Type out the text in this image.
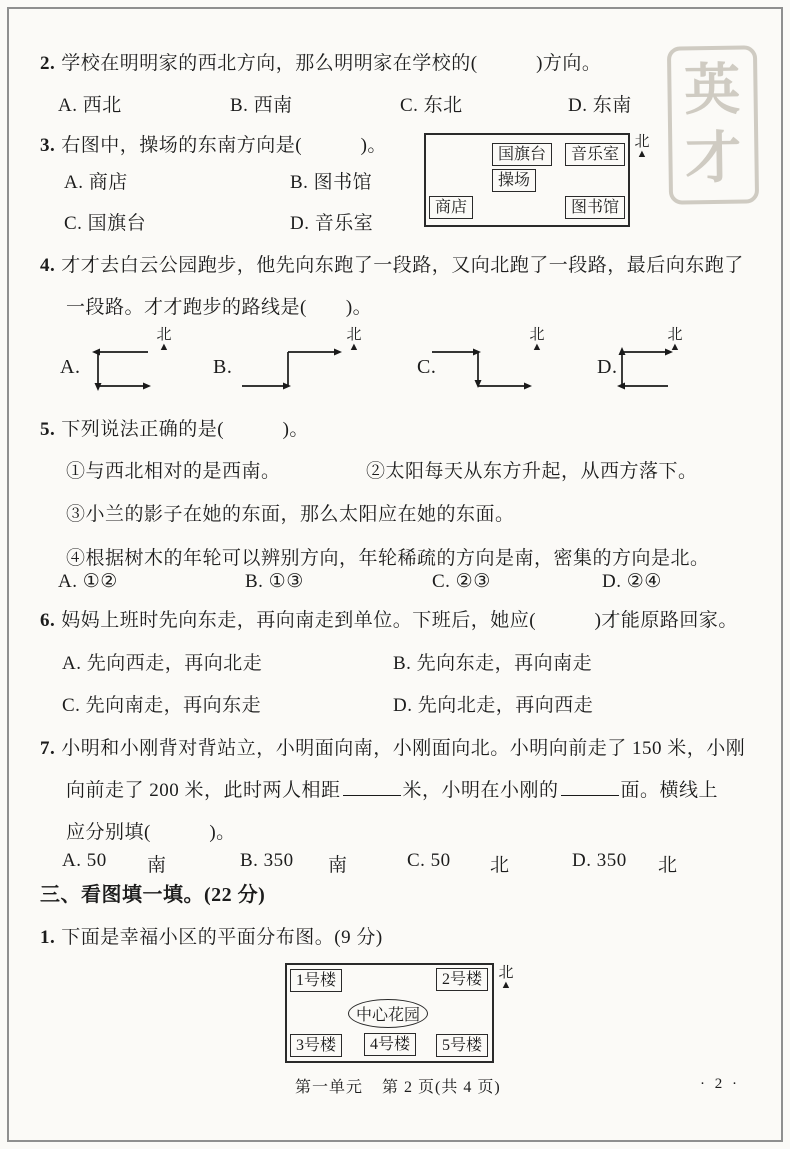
英
才
2. 学校在明明家的西北方向，那么明明家在学校的(　　　)方向。
A. 西北	B. 西南	C. 东北	D. 东南
3. 右图中，操场的东南方向是(　　　)。
A. 商店	B. 图书馆
C. 国旗台	D. 音乐室
国旗台	音乐室
操场
商店	图书馆
北
▲
4. 才才去白云公园跑步，他先向东跑了一段路，又向北跑了一段路，最后向东跑了
一段路。才才跑步的路线是(　　)。
A.
北
▲
B.
北
▲
C.
北
▲
D.
北
▲
5. 下列说法正确的是(　　　)。
①与西北相对的是西南。	②太阳每天从东方升起，从西方落下。
③小兰的影子在她的东面，那么太阳应在她的东面。
④根据树木的年轮可以辨别方向，年轮稀疏的方向是南，密集的方向是北。
A. ①②	B. ①③	C. ②③	D. ②④
6. 妈妈上班时先向东走，再向南走到单位。下班后，她应(　　　)才能原路回家。
A. 先向西走，再向北走	B. 先向东走，再向南走
C. 先向南走，再向东走	D. 先向北走，再向西走
7. 小明和小刚背对背站立，小明面向南，小刚面向北。小明向前走了 150 米，小刚
向前走了 200 米，此时两人相距	米，小明在小刚的	面。横线上
应分别填(　　　)。
A. 50 南	B. 350 南	C. 50 北	D. 350 北
三、看图填一填。(22 分)
1. 下面是幸福小区的平面分布图。(9 分)
1号楼	2号楼
中心花园
3号楼	4号楼	5号楼
北
▲
第一单元 第 2 页(共 4 页)	· 2 ·
